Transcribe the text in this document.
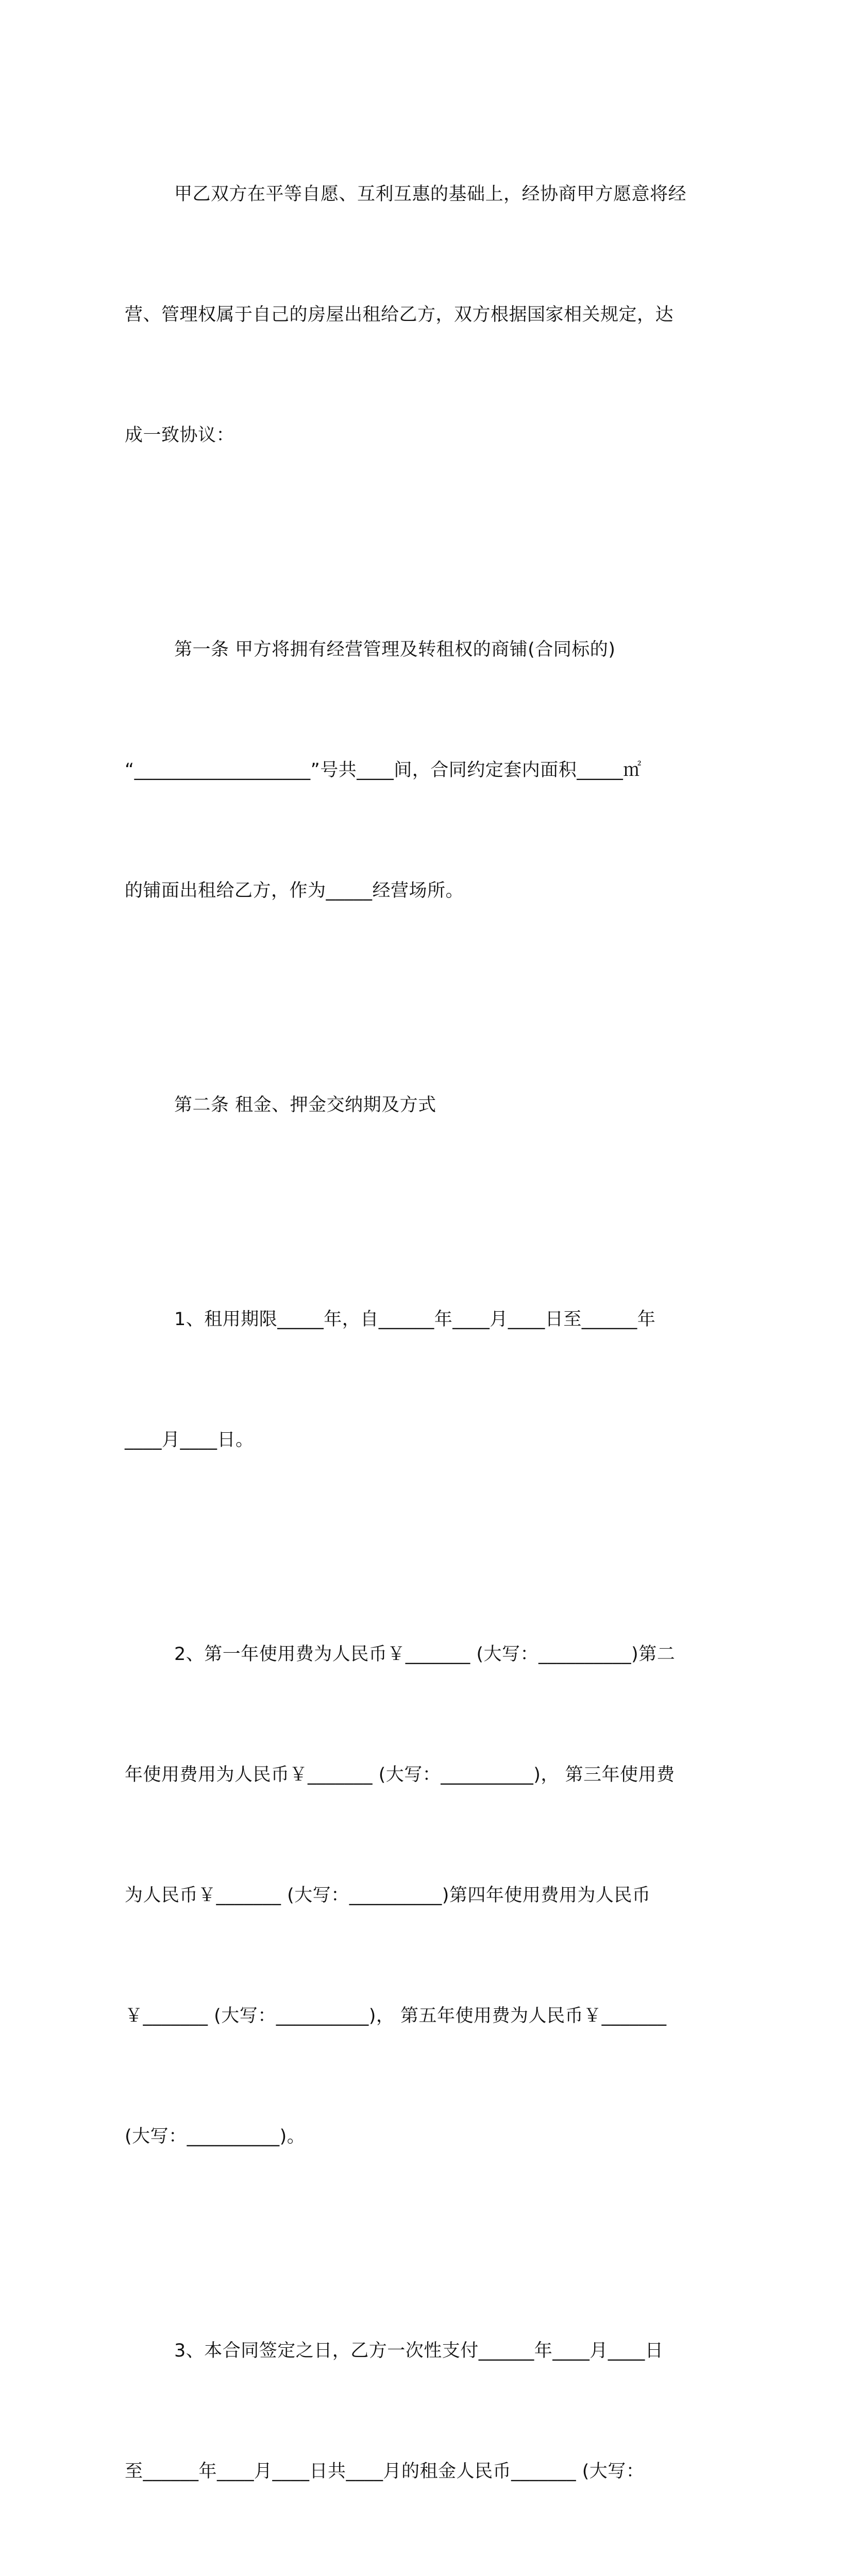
甲乙双方在平等自愿、互利互惠的基础上，经协商甲方愿意将经

营、管理权属于自己的房屋出租给乙方，双方根据国家相关规定，达

成一致协议：

第一条 甲方将拥有经营管理及转租权的商铺(合同标的)

“___________________”号共____间，合同约定套内面积_____㎡

的铺面出租给乙方，作为_____经营场所。

第二条 租金、押金交纳期及方式

1、租用期限_____年，自______年____月____日至______年

____月____日。

2、第一年使用费为人民币￥_______ (大写：__________)第二

年使用费用为人民币￥_______ (大写：__________)， 第三年使用费

为人民币￥_______ (大写：__________)第四年使用费用为人民币

￥_______ (大写：__________)， 第五年使用费为人民币￥_______

(大写：__________)。

3、本合同签定之日，乙方一次性支付______年____月____日

至______年____月____日共____月的租金人民币_______ (大写：
